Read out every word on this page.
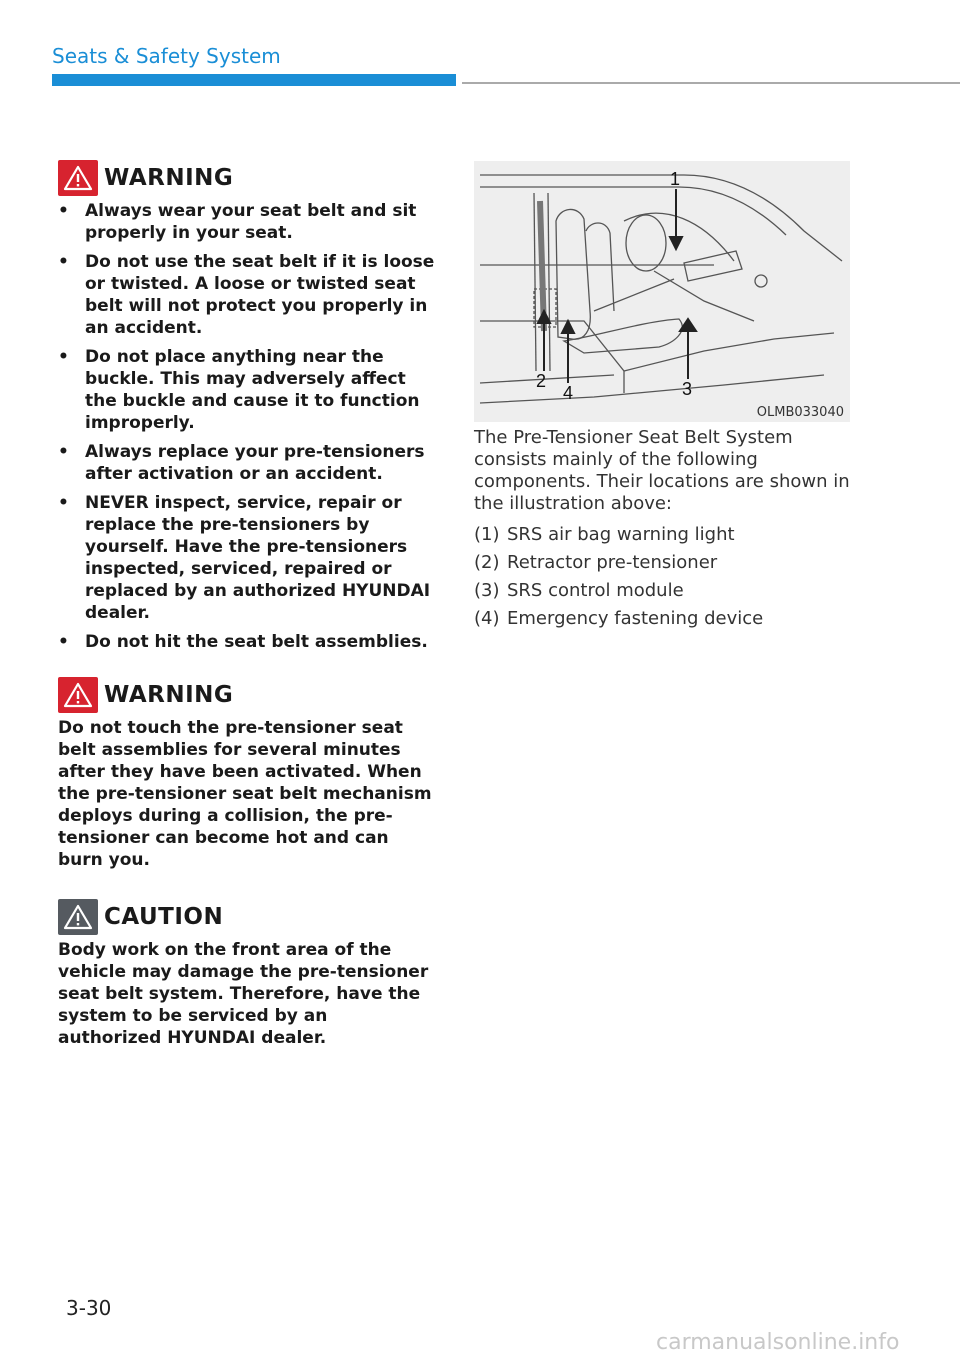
Seats & Safety System
WARNING
• Always wear your seat belt and sit properly in your seat.
• Do not use the seat belt if it is loose or twisted. A loose or twisted seat belt will not protect you properly in an accident.
• Do not place anything near the buckle. This may adversely affect the buckle and cause it to function improperly.
• Always replace your pre-tensioners after activation or an accident.
• NEVER inspect, service, repair or replace the pre-tensioners by yourself. Have the pre-tensioners inspected, serviced, repaired or replaced by an authorized HYUNDAI dealer.
• Do not hit the seat belt assemblies.
WARNING

Do not touch the pre-tensioner seat belt assemblies for several minutes after they have been activated. When the pre-tensioner seat belt mechanism deploys during a collision, the pre-tensioner can become hot and can burn you.

CAUTION

Body work on the front area of the vehicle may damage the pre-tensioner seat belt system. Therefore, have the system to be serviced by an authorized HYUNDAI dealer.

1
2
4	3
OLMB033040

The Pre-Tensioner Seat Belt System consists mainly of the following components. Their locations are shown in the illustration above:

(1) SRS air bag warning light
(2) Retractor pre-tensioner
(3) SRS control module
(4) Emergency fastening device
3-30
carmanualsonline.info
